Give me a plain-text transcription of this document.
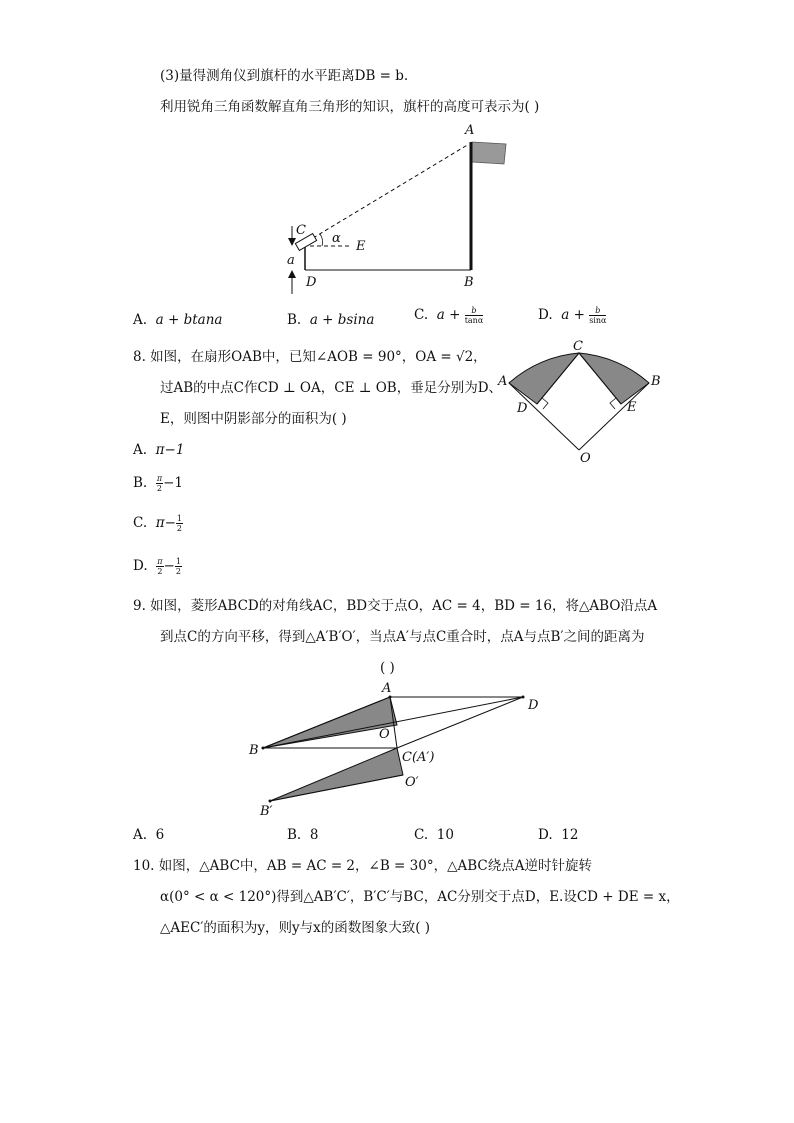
(3)量得测角仪到旗杆的水平距离DB = b.
利用锐角三角函数解直角三角形的知识，旗杆的高度可表示为( )
A
C
α
E
a
D	B
A. a + btana	B. a + bsina	C. $a + \frac{b}{\tan\alpha}$	D. $a + \frac{b}{\sin\alpha}$
8. 如图，在扇形OAB中，已知∠AOB = 90°，OA = √2，
过AB的中点C作CD ⊥ OA，CE ⊥ OB，垂足分别为D、
E，则图中阴影部分的面积为( )
C
A	B
D	E
O
A. π−1
B. $\frac{\pi}{2} -1$
C. $\pi- \frac{1}{2}$
D. $\frac{\pi}{2} - \frac{1}{2}$
9. 如图，菱形ABCD的对角线AC，BD交于点O，AC = 4，BD = 16，将△ABO沿点A
到点C的方向平移，得到△A′B′O′，当点A′与点C重合时，点A与点B′之间的距离为
( )
A
D
B
O
C(A′)
O′
B′
A. 6	B. 8	C. 10	D. 12
10. 如图，△ABC中，AB = AC = 2，∠B = 30°，△ABC绕点A逆时针旋转
α(0° < α < 120°)得到△AB′C′，B′C′与BC，AC分别交于点D，E.设CD + DE = x，
△AEC′的面积为y，则y与x的函数图象大致( )
